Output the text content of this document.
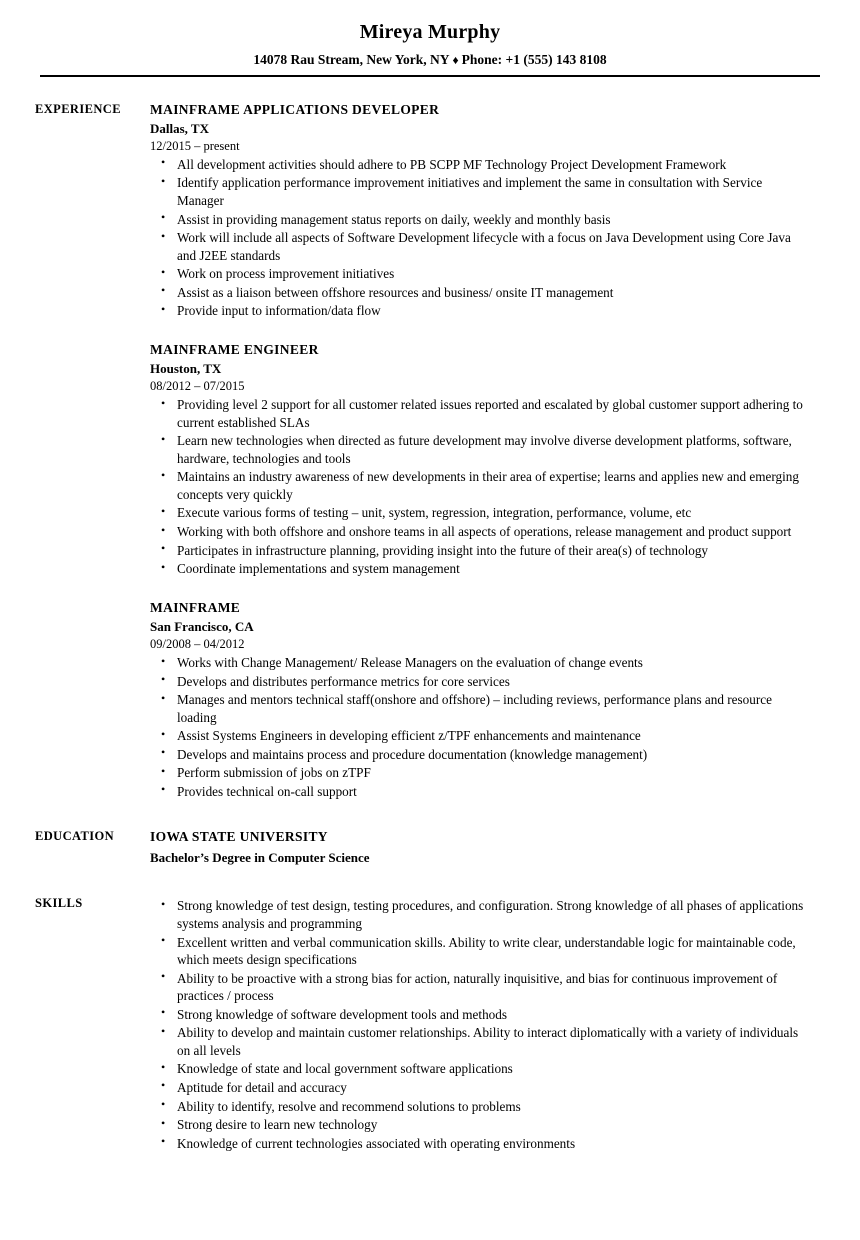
Mireya Murphy
14078 Rau Stream, New York, NY ♦ Phone: +1 (555) 143 8108
EXPERIENCE	MAINFRAME APPLICATIONS DEVELOPER
Dallas, TX
12/2015 – present
• All development activities should adhere to PB SCPP MF Technology Project Development Framework
• Identify application performance improvement initiatives and implement the same in consultation with Service Manager
• Assist in providing management status reports on daily, weekly and monthly basis
• Work will include all aspects of Software Development lifecycle with a focus on Java Development using Core Java and J2EE standards
• Work on process improvement initiatives
• Assist as a liaison between offshore resources and business/ onsite IT management
• Provide input to information/data flow
MAINFRAME ENGINEER
Houston, TX
08/2012 – 07/2015
• Providing level 2 support for all customer related issues reported and escalated by global customer support adhering to current established SLAs
• Learn new technologies when directed as future development may involve diverse development platforms, software, hardware, technologies and tools
• Maintains an industry awareness of new developments in their area of expertise; learns and applies new and emerging concepts very quickly
• Execute various forms of testing – unit, system, regression, integration, performance, volume, etc
• Working with both offshore and onshore teams in all aspects of operations, release management and product support
• Participates in infrastructure planning, providing insight into the future of their area(s) of technology
• Coordinate implementations and system management
MAINFRAME
San Francisco, CA
09/2008 – 04/2012
• Works with Change Management/ Release Managers on the evaluation of change events
• Develops and distributes performance metrics for core services
• Manages and mentors technical staff(onshore and offshore) – including reviews, performance plans and resource loading
• Assist Systems Engineers in developing efficient z/TPF enhancements and maintenance
• Develops and maintains process and procedure documentation (knowledge management)
• Perform submission of jobs on zTPF
• Provides technical on-call support
EDUCATION	IOWA STATE UNIVERSITY
Bachelor’s Degree in Computer Science
SKILLS	• Strong knowledge of test design, testing procedures, and configuration. Strong knowledge of all phases of applications systems analysis and programming
• Excellent written and verbal communication skills. Ability to write clear, understandable logic for maintainable code, which meets design specifications
• Ability to be proactive with a strong bias for action, naturally inquisitive, and bias for continuous improvement of practices / process
• Strong knowledge of software development tools and methods
• Ability to develop and maintain customer relationships. Ability to interact diplomatically with a variety of individuals on all levels
• Knowledge of state and local government software applications
• Aptitude for detail and accuracy
• Ability to identify, resolve and recommend solutions to problems
• Strong desire to learn new technology
• Knowledge of current technologies associated with operating environments
